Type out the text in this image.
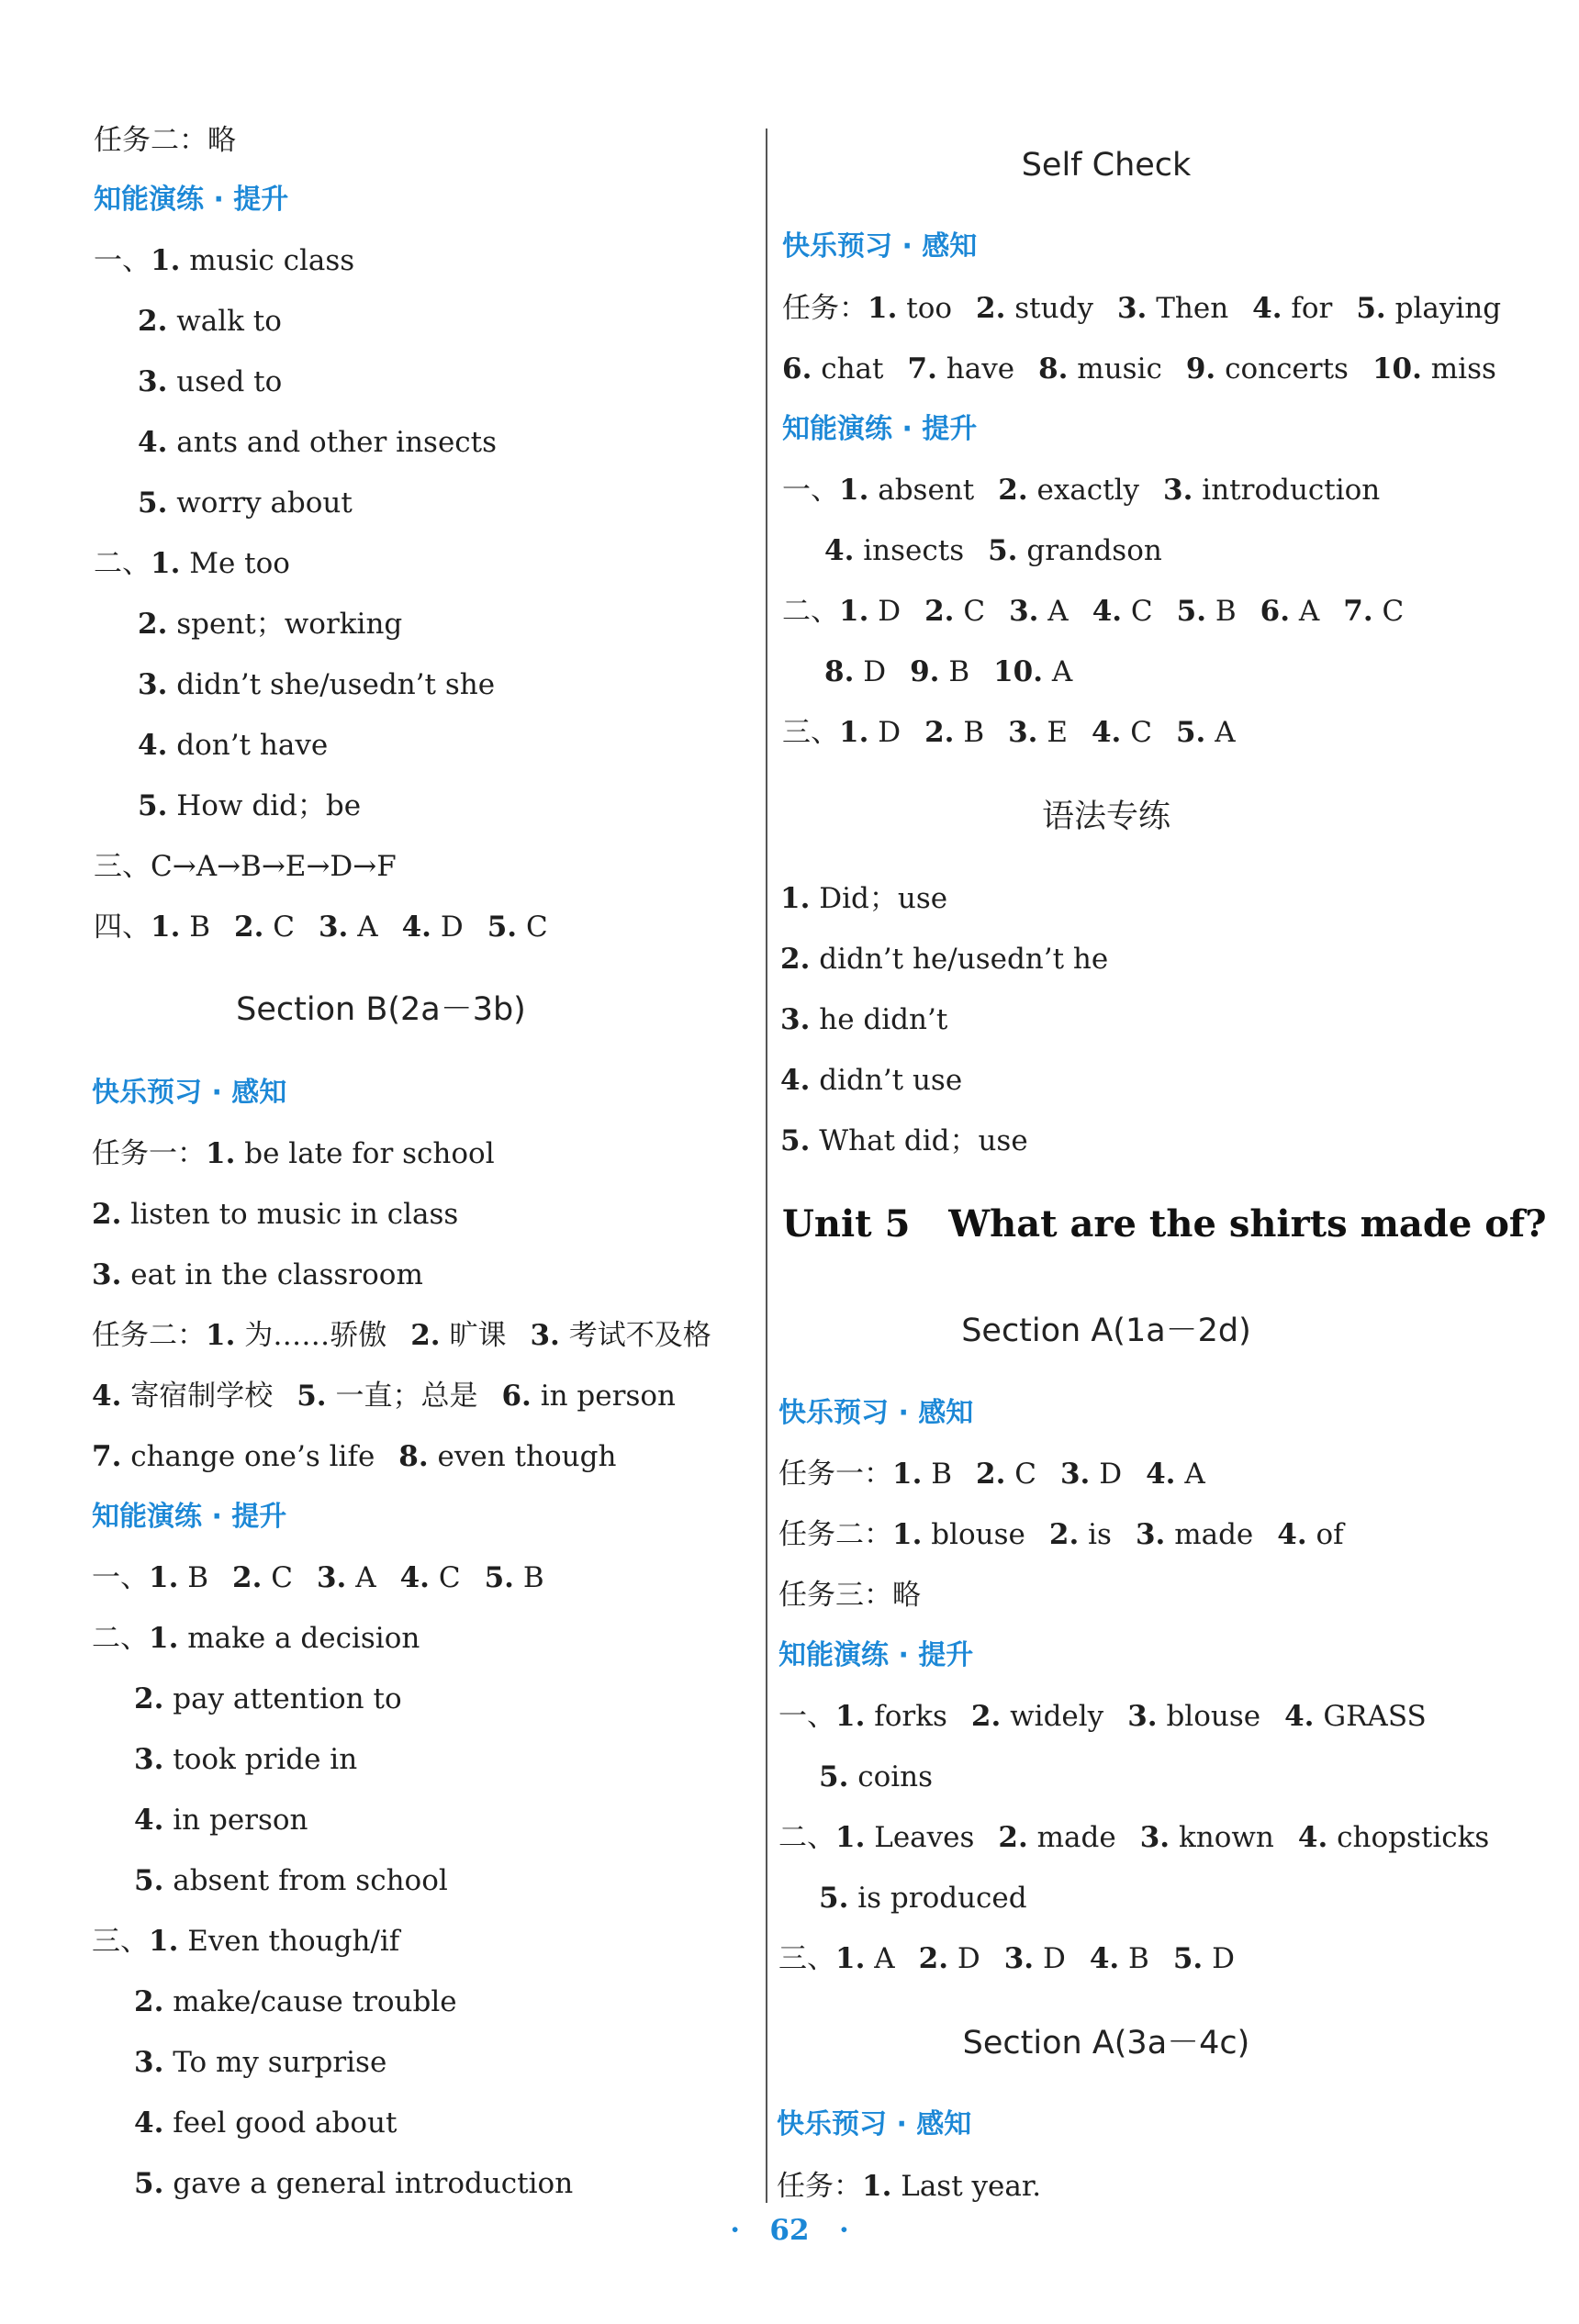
任务二：略
知能演练 · 提升
一、1. music class
2. walk to
3. used to
4. ants and other insects
5. worry about
二、1. Me too
2. spent；working
3. didn’t she/usedn’t she
4. don’t have
5. How did；be
三、C→A→B→E→D→F
四、1. B 2. C 3. A 4. D 5. C
Section B(2a－3b)
快乐预习 · 感知
任务一：1. be late for school
2. listen to music in class
3. eat in the classroom
任务二：1. 为……骄傲 2. 旷课 3. 考试不及格
4. 寄宿制学校 5. 一直；总是 6. in person
7. change one’s life 8. even though
知能演练 · 提升
一、1. B 2. C 3. A 4. C 5. B
二、1. make a decision
2. pay attention to
3. took pride in
4. in person
5. absent from school
三、1. Even though/if
2. make/cause trouble
3. To my surprise
4. feel good about
5. gave a general introduction
Self Check
快乐预习 · 感知
任务：1. too 2. study 3. Then 4. for 5. playing
6. chat 7. have 8. music 9. concerts 10. miss
知能演练 · 提升
一、1. absent 2. exactly 3. introduction
4. insects 5. grandson
二、1. D 2. C 3. A 4. C 5. B 6. A 7. C
8. D 9. B 10. A
三、1. D 2. B 3. E 4. C 5. A
语法专练
1. Did；use
2. didn’t he/usedn’t he
3. he didn’t
4. didn’t use
5. What did；use
Unit 5 What are the shirts made of?
Section A(1a－2d)
快乐预习 · 感知
任务一：1. B 2. C 3. D 4. A
任务二：1. blouse 2. is 3. made 4. of
任务三：略
知能演练 · 提升
一、1. forks 2. widely 3. blouse 4. GRASS
5. coins
二、1. Leaves 2. made 3. known 4. chopsticks
5. is produced
三、1. A 2. D 3. D 4. B 5. D
Section A(3a－4c)
快乐预习 · 感知
任务：1. Last year.
·   62   ·
